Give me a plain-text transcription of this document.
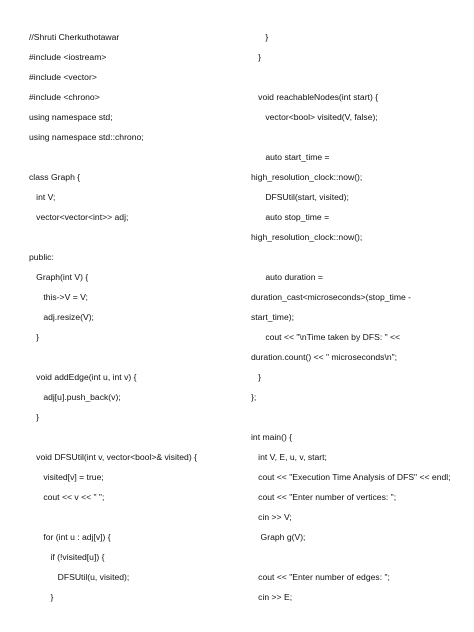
//Shruti Cherkuthotawar
#include <iostream>
#include <vector>
#include <chrono>
using namespace std;
using namespace std::chrono;
class Graph {
int V;
vector<vector<int>> adj;
public:
Graph(int V) {
this->V = V;
adj.resize(V);
}
void addEdge(int u, int v) {
adj[u].push_back(v);
}
void DFSUtil(int v, vector<bool>& visited) {
visited[v] = true;
cout << v << " ";
for (int u : adj[v]) {
if (!visited[u]) {
DFSUtil(u, visited);
}
}
}
void reachableNodes(int start) {
vector<bool> visited(V, false);
auto start_time =
high_resolution_clock::now();
DFSUtil(start, visited);
auto stop_time =
high_resolution_clock::now();
auto duration =
duration_cast<microseconds>(stop_time -
start_time);
cout << "\nTime taken by DFS: " <<
duration.count() << " microseconds\n";
}
};
int main() {
int V, E, u, v, start;
cout << "Execution Time Analysis of DFS" << endl;
cout << "Enter number of vertices: ";
cin >> V;
Graph g(V);
cout << "Enter number of edges: ";
cin >> E;
